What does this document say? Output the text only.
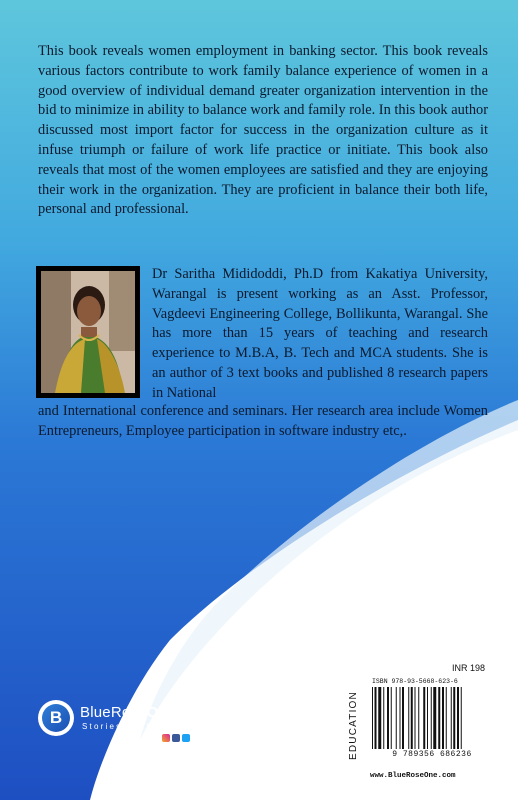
This book reveals women employment in banking sector. This book reveals various factors contribute to work family balance experience of women in a good overview of individual demand greater organization intervention in the bid to minimize in ability to balance work and family role. In this book author discussed most import factor for success in the organization culture as it infuse triumph or failure of work life practice or initiate. This book also reveals that most of the women employees are satisfied and they are enjoying their work in the organization. They are proficient in balance their both life, personal and professional.

Dr Saritha Mididoddi, Ph.D from Kakatiya University, Warangal is present working as an Asst. Professor, Vagdeevi Engineering College, Bollikunta, Warangal. She has more than 15 years of teaching and research experience to M.B.A, B. Tech and MCA students. She is an author of 3 text books and published 8 research papers in National

and International conference and seminars. Her research area include Women Entrepreneurs, Employee participation in software industry etc,.

B	BlueRoseONE
Stories Matter
INR 198
EDUCATION
ISBN 978-93-5668-623-6
9 789356 686236
www.BlueRoseOne.com
